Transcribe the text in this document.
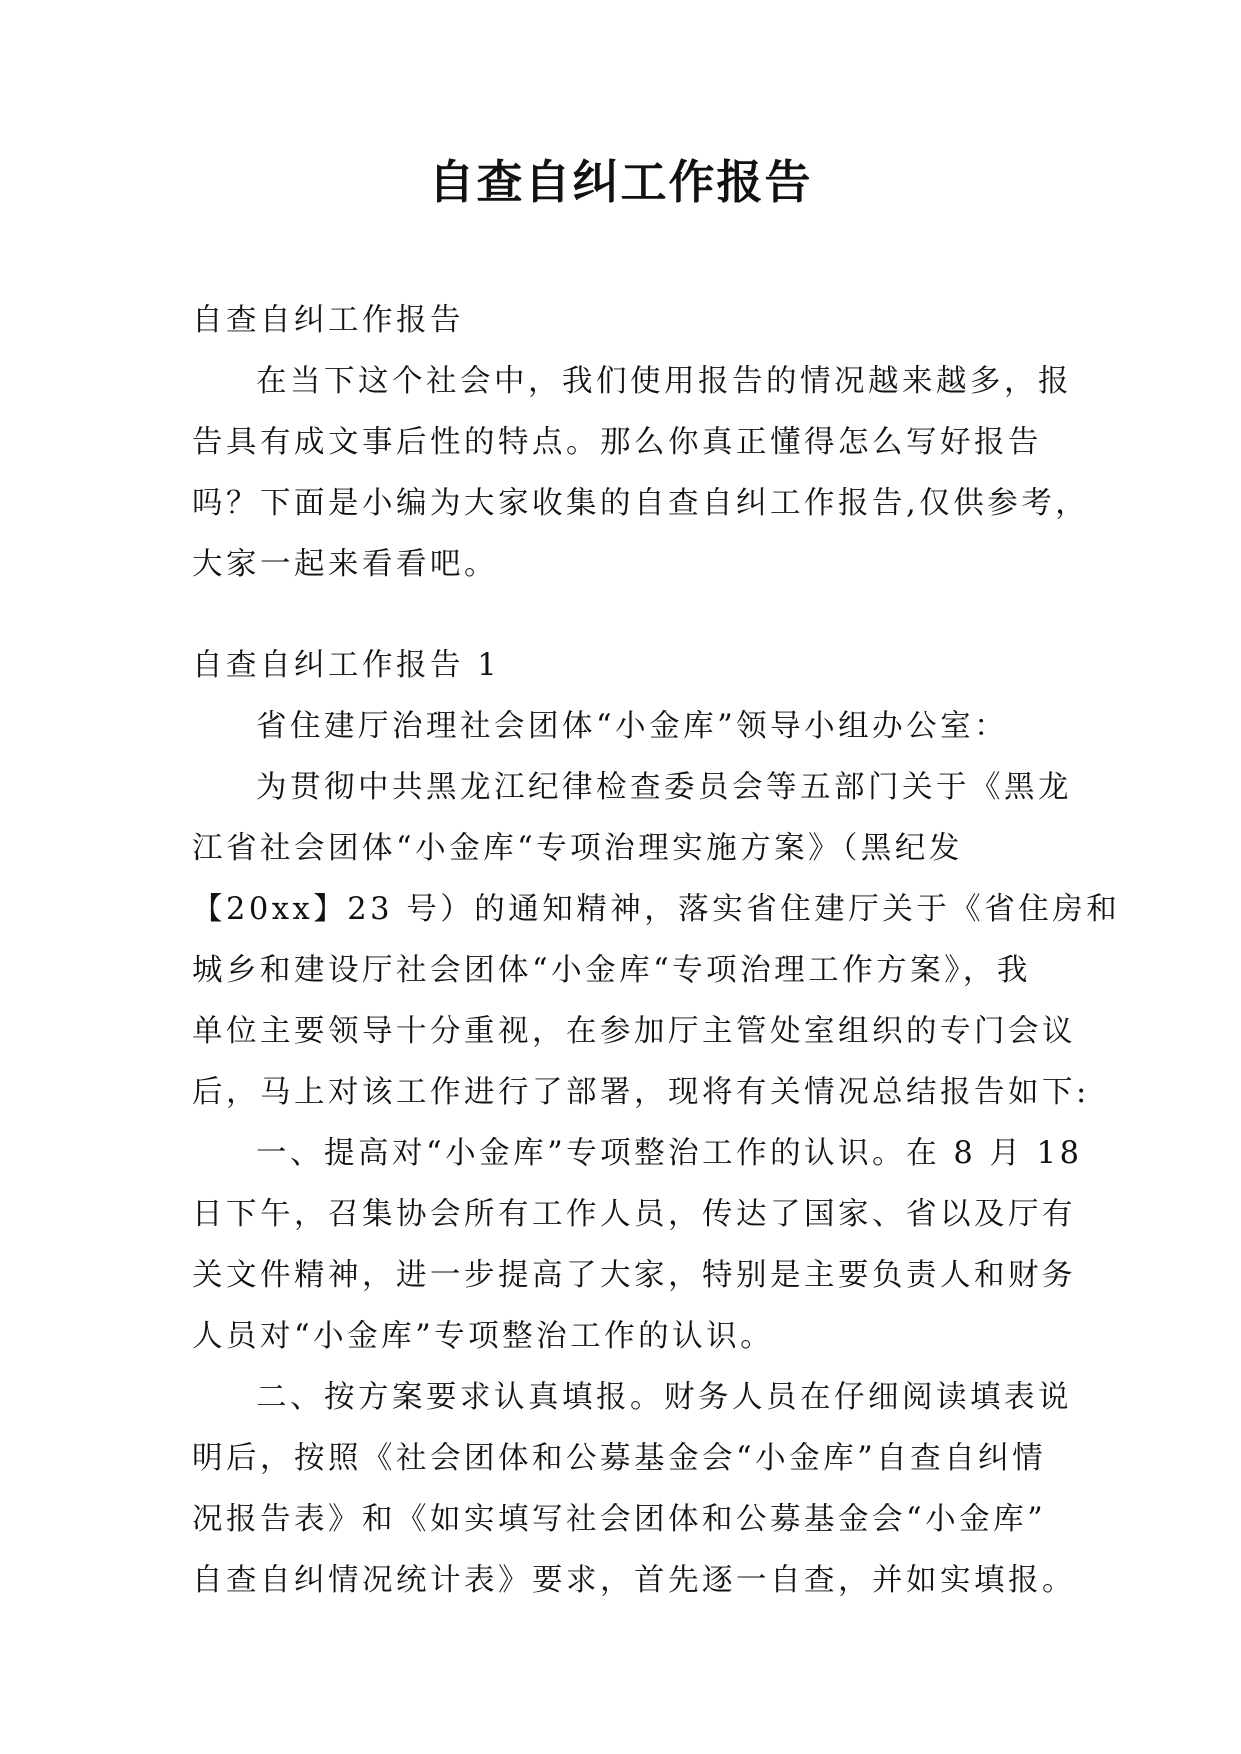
自查自纠工作报告
自查自纠工作报告
在当下这个社会中，我们使用报告的情况越来越多，报
告具有成文事后性的特点。那么你真正懂得怎么写好报告
吗？下面是小编为大家收集的自查自纠工作报告,仅供参考，
大家一起来看看吧。
自查自纠工作报告 1
省住建厅治理社会团体“小金库”领导小组办公室：
为贯彻中共黑龙江纪律检查委员会等五部门关于《黑龙
江省社会团体“小金库“专项治理实施方案》（黑纪发
【20xx】23 号）的通知精神，落实省住建厅关于《省住房和
城乡和建设厅社会团体“小金库“专项治理工作方案》，我
单位主要领导十分重视，在参加厅主管处室组织的专门会议
后，马上对该工作进行了部署，现将有关情况总结报告如下:
一、提高对“小金库”专项整治工作的认识。在 8 月 18
日下午，召集协会所有工作人员，传达了国家、省以及厅有
关文件精神，进一步提高了大家，特别是主要负责人和财务
人员对“小金库”专项整治工作的认识。
二、按方案要求认真填报。财务人员在仔细阅读填表说
明后，按照《社会团体和公募基金会“小金库”自查自纠情
况报告表》和《如实填写社会团体和公募基金会“小金库”
自查自纠情况统计表》要求，首先逐一自查，并如实填报。
